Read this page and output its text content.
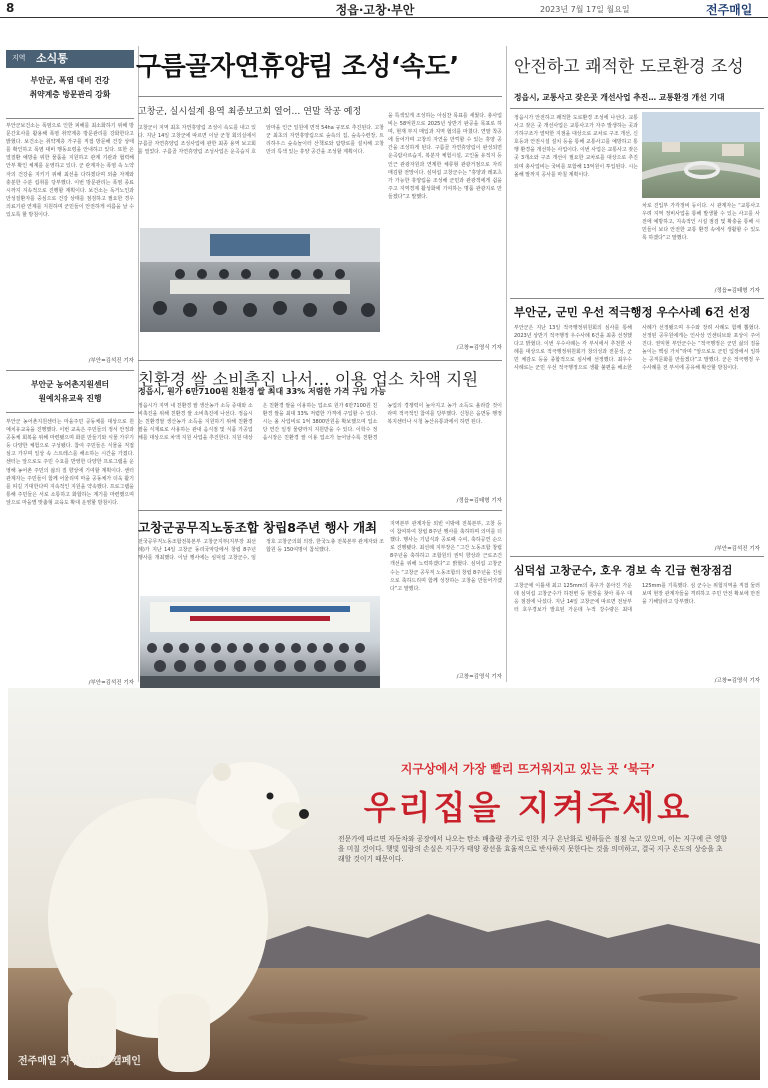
8	정읍·고창·부안	2023년 7월 17일 월요일	전주매일
지역 소식통
부안군, 폭염 대비 건강
취약계층 방문관리 강화
부안군보건소는 폭염으로 인한 피해를 최소화하기 위해 방문간호사를 활용해 폭염 취약계층 방문관리를 강화한다고 밝혔다. 보건소는 취약계층 가구를 직접 방문해 건강 상태를 확인하고 폭염 대비 행동요령을 안내하고 있다. 또한 온열질환 예방을 위한 물품을 지원하고 관계 기관과 협력해 안부 확인 체계를 운영하고 있다. 군 관계자는 폭염 속 노약자의 건강을 지키기 위해 최선을 다하겠다며 외출 자제와 충분한 수분 섭취를 당부했다. 이번 방문관리는 폭염 종료 시까지 지속적으로 진행할 계획이다. 보건소는 독거노인과 만성질환자를 중심으로 건강 상태를 점검하고 필요한 경우 의료기관 연계를 지원하며 군민들이 안전하게 여름을 날 수 있도록 할 방침이다.
/부안=김석진 기자
부안군 농어촌지원센터
원예치유교육 진행
부안군 농어촌지원센터는 마을주민 공동체를 대상으로 원예치유교육을 진행했다. 이번 교육은 주민들의 정서 안정과 공동체 회복을 위해 마련됐으며 화분 만들기와 식물 가꾸기 등 다양한 체험으로 구성됐다. 참여 주민들은 식물을 직접 심고 가꾸며 일상 속 스트레스를 해소하는 시간을 가졌다. 센터는 앞으로도 주민 수요를 반영한 다양한 프로그램을 운영해 농어촌 주민의 삶의 질 향상에 기여할 계획이다. 센터 관계자는 주민들이 함께 어울리며 마을 공동체가 더욱 활기를 띠길 기대한다며 지속적인 지원을 약속했다. 프로그램을 통해 주민들은 서로 소통하고 화합하는 계기를 마련했으며 앞으로 마을별 맞춤형 교육도 확대 운영할 방침이다.
/부안=김석진 기자
구름골자연휴양림 조성‘속도’
고창군, 실시설계 용역 최종보고회 열어… 연말 착공 예정
고창군이 지역 최초 자연휴양림 조성이 속도를 내고 있다. 지난 14일 고창군에 따르면 이날 군청 회의실에서 구름골 자연휴양림 조성사업에 관한 최종 용역 보고회를 열었다. 구름골 자연휴양림 조성사업은 운곡습지 호암마을 인근 일원에 면적 54ha 규모로 추진된다. 고창군 최초의 자연휴양림으로 숲속의 집, 숲속수련장, 트리하우스 숲속놀이터 산책로와 탐방로를 설치해 고창만의 특색 있는 휴양 공간을 조성할 계획이다.
을 특색있게 조성하는 아심찬 목표를 세웠다. 총사업비는 58억원으로 2025년 상반기 완공을 목표로 하며, 현재 부지 매입과 지역 협의를 마쳤다. 연말 착공에 들어가며 고창의 자연을 만끽할 수 있는 휴양 공간을 조성하게 된다. 구름골 자연휴양림이 완성되면 운곡람사르습지, 복분자 체험시설, 고인돌 유적지 등 인근 관광자원과 연계한 체류형 관광거점으로 자리매김할 전망이다. 심덕섭 고창군수는 “휴양과 레포츠가 가능한 휴양림을 조성해 군민과 관광객에게 쉼을 주고 지역경제 활성화에 기여하는 명품 관광지로 만들겠다”고 말했다.
/고창=김영식 기자
친환경 쌀 소비촉진 나서… 이용 업소 차액 지원
정읍시, 원가 6만7100원 친환경 쌀 최대 33% 저렴한 가격 구입 가능
정읍시가 지역 내 친환경 쌀 생산농가 소득 증대와 소비촉진을 위해 친환경 쌀 소비촉진에 나선다. 정읍시는 친환경쌀 생산농가 소득을 지원하기 위해 친환경 쌀을 식재료로 사용하는 관내 음식점 및 식품 가공업체를 대상으로 차액 지원 사업을 추진한다. 지원 대상은 친환경 쌀을 이용하는 업소로 원가 6만7100원 친환경 쌀을 최대 33% 저렴한 가격에 구입할 수 있다. 시는 올 사업비로 1억 3800만원을 확보했으며 업소당 연간 일정 물량까지 지원받을 수 있다. 이학수 정읍시장은 친환경 쌀 이용 업소가 늘어날수록 친환경 농업의 경쟁력이 높아지고 농가 소득도 올라갈 것이라며 적극적인 참여를 당부했다. 신청은 읍면동 행정복지센터나 시청 농산유통과에서 하면 된다.
/정읍=김태형 기자
고창군공무직노동조합 창립8주년 행사 개최
전국공무직노동조합전북본부 고창군지부(지부장 최선례)가 지난 14일 고창군 동리국악당에서 창립 8주년 행사를 개최했다. 이날 행사에는 심덕섭 고창군수, 임정호 고창군의회 의장, 한국노총 전북본부 관계자와 조합원 등 150여명이 참석했다.
지역본부 관계자들 외빈 이밖에 전북본부, 고창 등이 참여하여 창립 8주년 행사를 축하하며 의미를 더했다. 행사는 기념식과 공로패 수여, 축하공연 순으로 진행됐다. 최선례 지부장은 “그간 노동조합 창립 8주년을 축하하고 조합원의 권익 향상과 근로조건 개선을 위해 노력하겠다”고 밝혔다. 심덕섭 고창군수는 “고창군 공무직 노동조합의 창립 8주년을 진심으로 축하드리며 함께 성장하는 고창을 만들어가겠다”고 말했다.
/고창=김영식 기자
안전하고 쾌적한 도로환경 조성
정읍시, 교통사고 잦은곳 개선사업 추진… 교통환경 개선 기대
정읍시가 안전하고 쾌적한 도로환경 조성에 나선다. 교통사고 잦은 곳 개선사업은 교통사고가 자주 발생하는 곳과 기하구조가 열악한 지점을 대상으로 교차로 구조 개선, 신호등과 안전시설 설치 등을 통해 교통사고를 예방하고 통행 환경을 개선하는 사업이다. 이번 사업은 교통사고 잦은 곳 3개소와 구조 개선이 필요한 교차로를 대상으로 추진되며 총사업비는 국비를 포함해 13억원이 투입된다. 시는 올해 말까지 공사를 마칠 계획이다.
차로 진입부 가각정비 등이다. 시 관계자는 “교통사고 우려 지역 정비사업을 통해 발생할 수 있는 사고를 사전에 예방하고, 지속적인 시설 점검 및 확충을 통해 시민들이 보다 안전한 교통 환경 속에서 생활할 수 있도록 하겠다”고 말했다.
/정읍=김태형 기자
부안군, 군민 우선 적극행정 우수사례 6건 선정
부안군은 지난 13일 적극행정위원회의 심사를 통해 2023년 상반기 적극행정 우수사례 6건을 최종 선정했다고 밝혔다. 이번 우수사례는 각 부서에서 추천한 사례를 대상으로 적극행정위원회가 창의성과 전문성, 군민 체감도 등을 종합적으로 심사해 선정했다. 최우수 사례로는 군민 우선 적극행정으로 생활 불편을 해소한 사례가 선정됐으며 우수와 장려 사례도 함께 뽑혔다. 선정된 공무원에게는 인사상 인센티브와 포상이 주어진다. 권익현 부안군수는 “적극행정은 군민 삶의 질을 높이는 핵심 가치”라며 “앞으로도 군민 입장에서 일하는 공직문화를 만들겠다”고 말했다. 군은 적극행정 우수사례를 전 부서에 공유해 확산할 방침이다.
/부안=김석진 기자
심덕섭 고창군수, 호우 경보 속 긴급 현장점검
고창군에 이틀새 최고 125mm의 폭우가 쏟아진 가운데 심덕섭 고창군수가 하천변 등 현장을 찾아 폭우 대응 점검에 나섰다. 지난 14일 고창군에 따르면 전날부터 호우경보가 발효된 가운데 누적 강수량은 최대 125mm를 기록했다. 심 군수는 위험지역을 직접 둘러보며 현장 관계자들을 격려하고 주민 안전 확보에 만전을 기해달라고 당부했다.
/고창=김영식 기자
지구상에서 가장 빨리 뜨거워지고 있는 곳 ‘북극’
우리집을 지켜주세요
전문가에 따르면 자동차와 공장에서 나오는 탄소 배출량 증가로 인한 지구 온난화로 빙하들은 점점 녹고 있으며, 이는 지구에 큰 영향을 미칠 것이다. 햇빛 일람의 손실은 지구가 태양 광선을 효율적으로 반사하지 못한다는 것을 의미하고, 결국 지구 온도의 상승을 초래할 것이기 때문이다.
전주매일 지구온난화 캠페인
